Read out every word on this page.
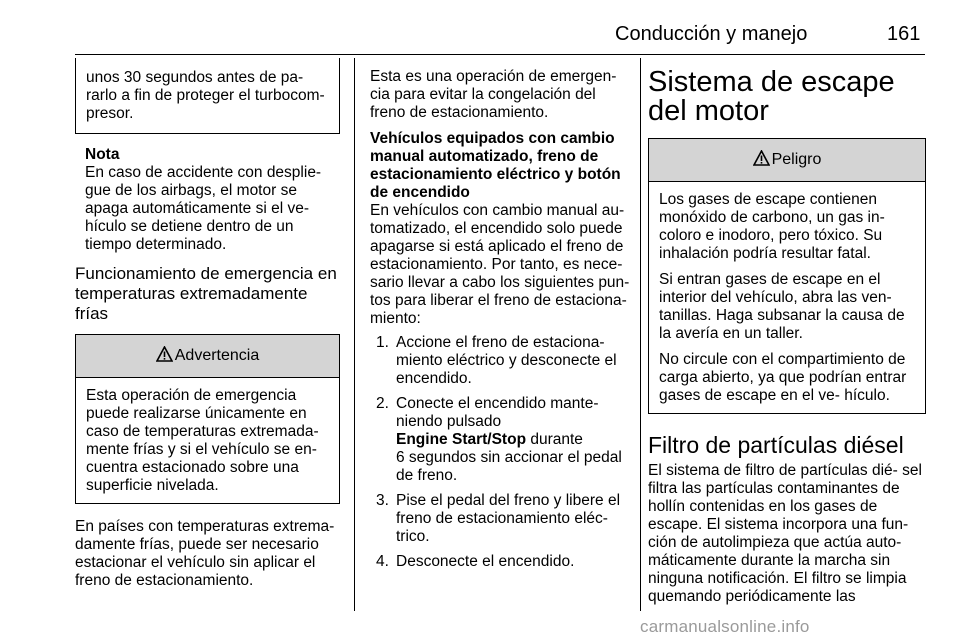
Conducción y manejo	161

unos 30 segundos antes de pa- rarlo a fin de proteger el turbocom- presor.

Nota

En caso de accidente con desplie- gue de los airbags, el motor se apaga automáticamente si el ve- hículo se detiene dentro de un tiempo determinado.

Funcionamiento de emergencia en temperaturas extremadamente frías

Advertencia

Esta operación de emergencia puede realizarse únicamente en caso de temperaturas extremada- mente frías y si el vehículo se en- cuentra estacionado sobre una superficie nivelada.

En países con temperaturas extrema- damente frías, puede ser necesario estacionar el vehículo sin aplicar el freno de estacionamiento.

Esta es una operación de emergen- cia para evitar la congelación del freno de estacionamiento.

Vehículos equipados con cambio manual automatizado, freno de estacionamiento eléctrico y botón de encendido

En vehículos con cambio manual au- tomatizado, el encendido solo puede apagarse si está aplicado el freno de estacionamiento. Por tanto, es nece- sario llevar a cabo los siguientes pun- tos para liberar el freno de estaciona- miento:

1. Accione el freno de estaciona- miento eléctrico y desconecte el encendido.
2. Conecte el encendido mante- niendo pulsado
Engine Start/Stop durante
6 segundos sin accionar el pedal de freno.
3. Pise el pedal del freno y libere el freno de estacionamiento eléc- trico.
4. Desconecte el encendido.

Sistema de escape del motor

Peligro

Los gases de escape contienen monóxido de carbono, un gas in- coloro e inodoro, pero tóxico. Su inhalación podría resultar fatal.

Si entran gases de escape en el interior del vehículo, abra las ven- tanillas. Haga subsanar la causa de la avería en un taller.

No circule con el compartimiento de carga abierto, ya que podrían entrar gases de escape en el ve- hículo.

Filtro de partículas diésel

El sistema de filtro de partículas dié- sel filtra las partículas contaminantes de hollín contenidas en los gases de escape. El sistema incorpora una fun- ción de autolimpieza que actúa auto- máticamente durante la marcha sin ninguna notificación. El filtro se limpia quemando periódicamente las

carmanualsonline.info
